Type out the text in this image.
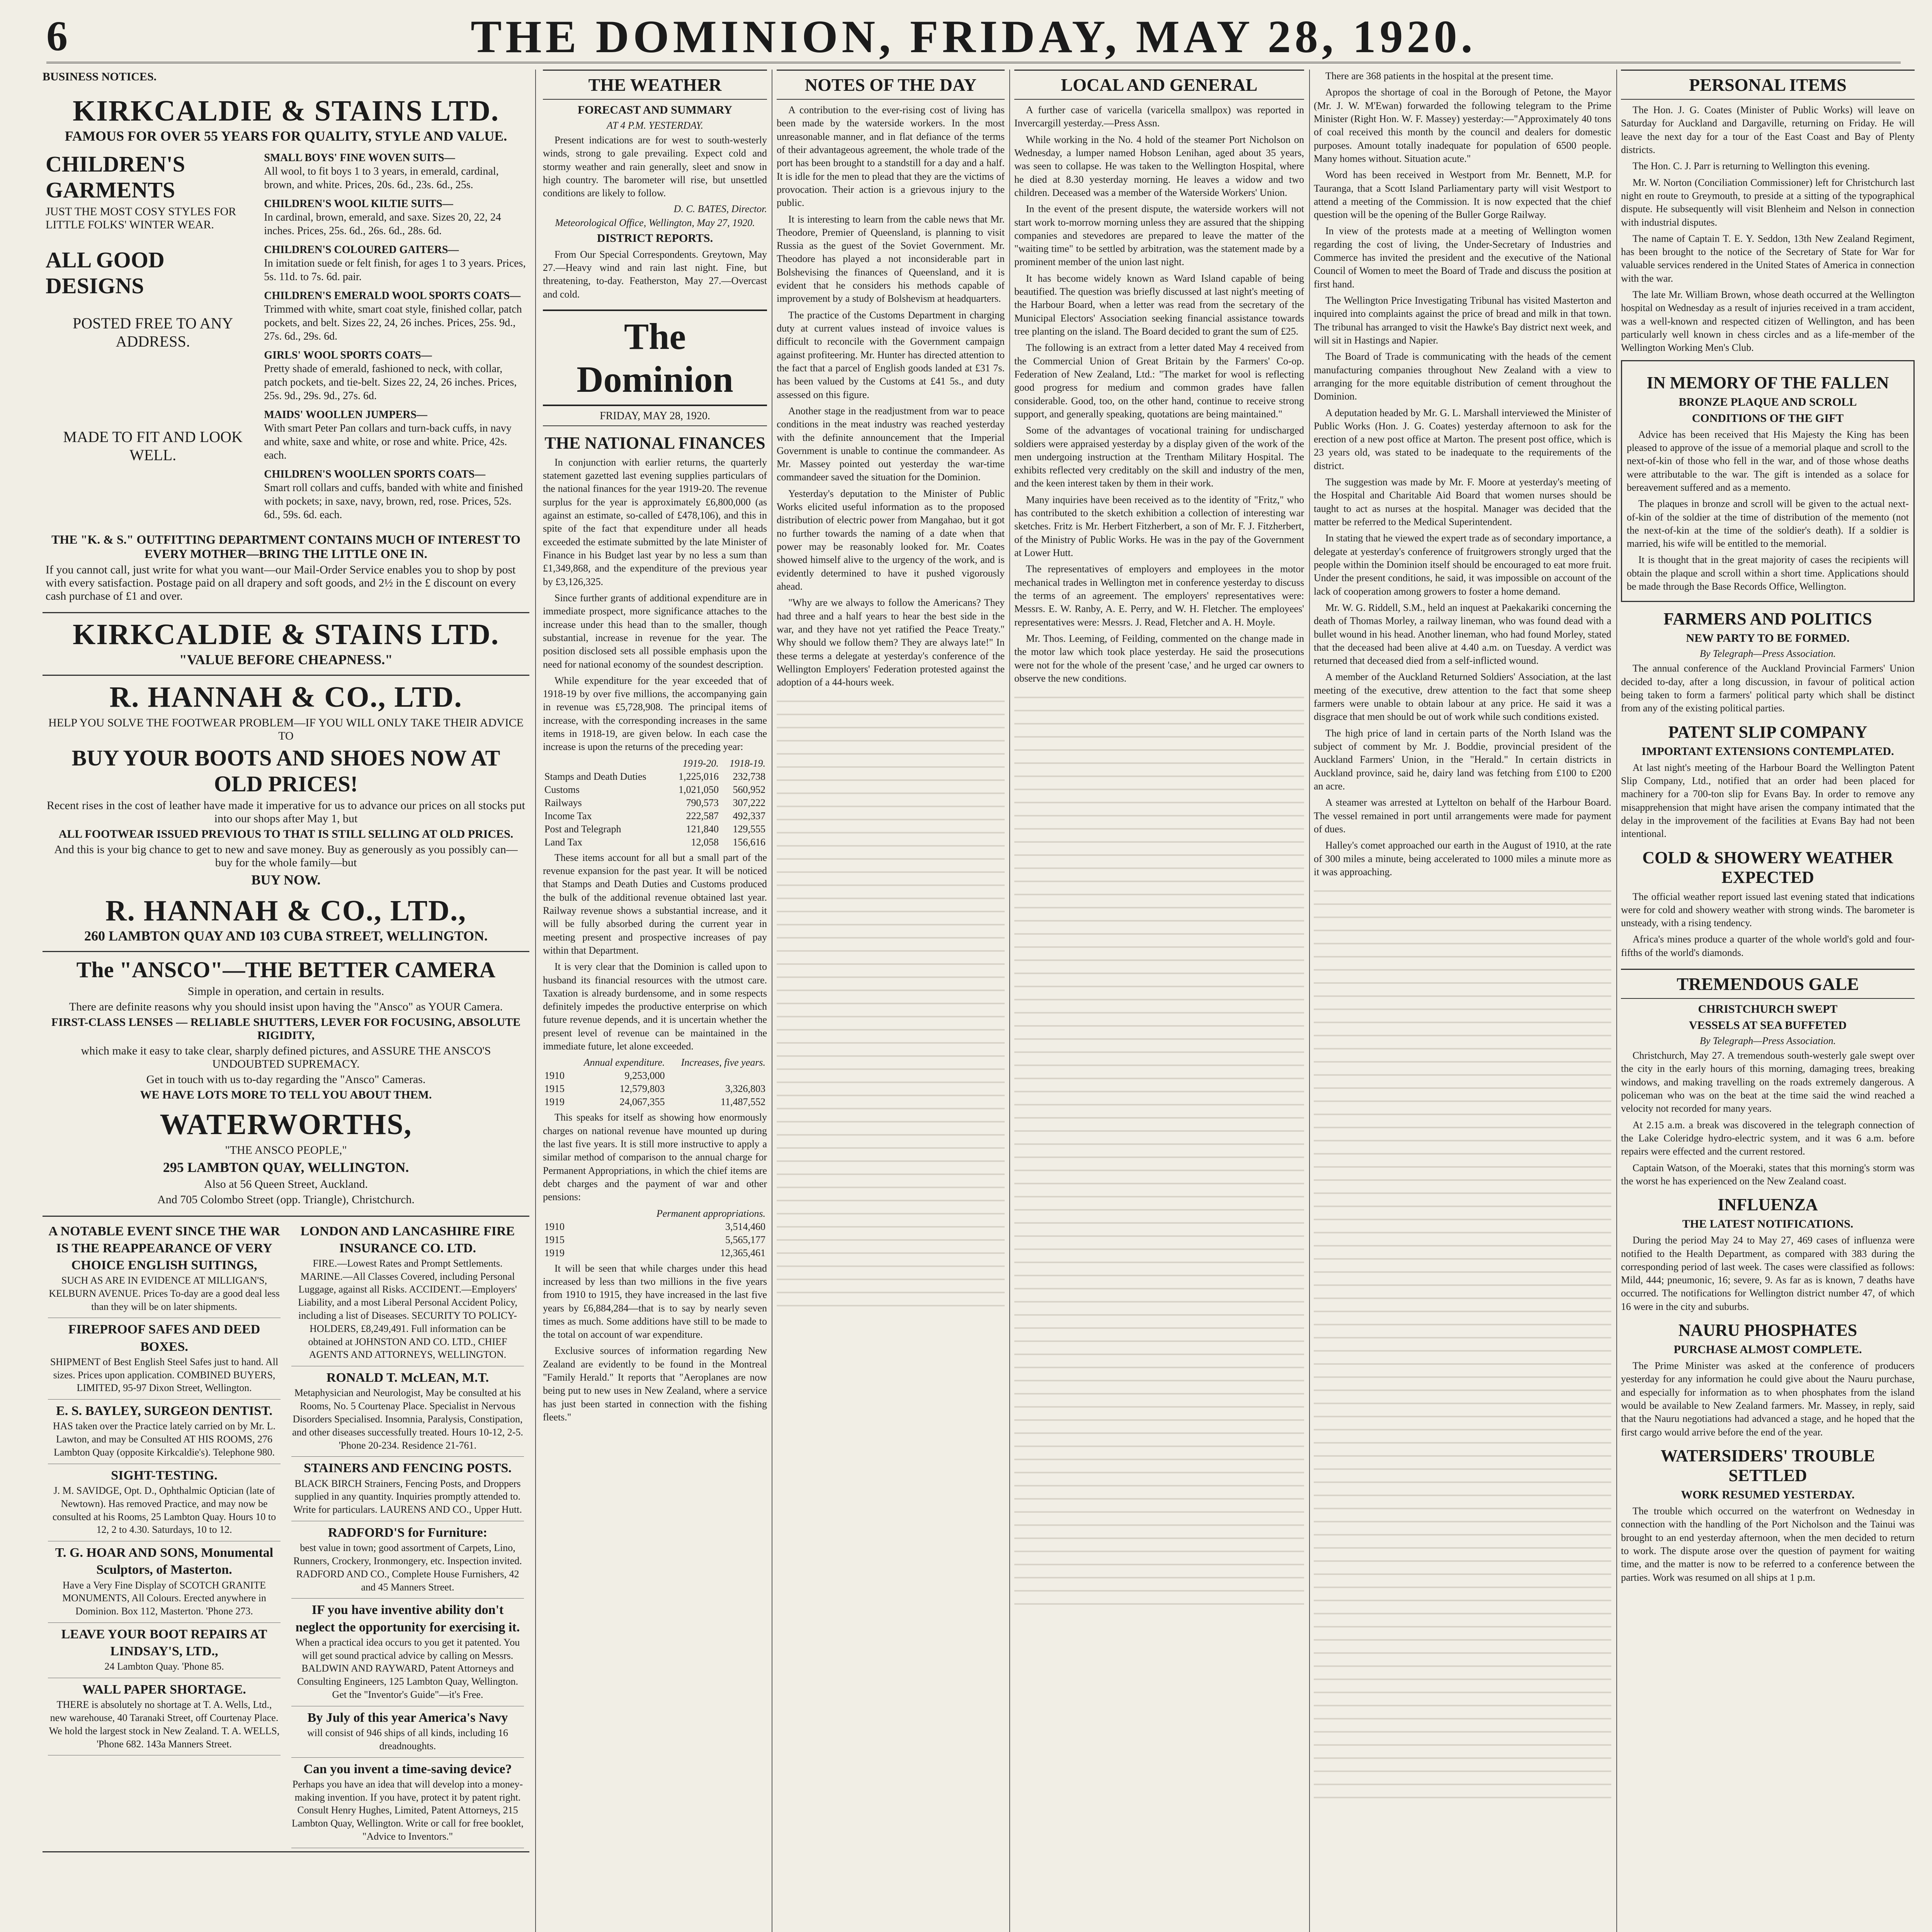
6	THE DOMINION, FRIDAY, MAY 28, 1920.
BUSINESS NOTICES.
KIRKCALDIE & STAINS LTD.
FAMOUS FOR OVER 55 YEARS FOR QUALITY, STYLE AND VALUE.
CHILDREN'S GARMENTS
JUST THE MOST COSY STYLES FOR LITTLE FOLKS' WINTER WEAR.
ALL GOOD DESIGNS
POSTED FREE TO ANY ADDRESS.
MADE TO FIT AND LOOK WELL.
SMALL BOYS' FINE WOVEN SUITS—
All wool, to fit boys 1 to 3 years, in emerald, cardinal, brown, and white. Prices, 20s. 6d., 23s. 6d., 25s.
CHILDREN'S WOOL KILTIE SUITS—
In cardinal, brown, emerald, and saxe. Sizes 20, 22, 24 inches. Prices, 25s. 6d., 26s. 6d., 28s. 6d.
CHILDREN'S COLOURED GAITERS—
In imitation suede or felt finish, for ages 1 to 3 years. Prices, 5s. 11d. to 7s. 6d. pair.
CHILDREN'S EMERALD WOOL SPORTS COATS—
Trimmed with white, smart coat style, finished collar, patch pockets, and belt. Sizes 22, 24, 26 inches. Prices, 25s. 9d., 27s. 6d., 29s. 6d.
GIRLS' WOOL SPORTS COATS—
Pretty shade of emerald, fashioned to neck, with collar, patch pockets, and tie-belt. Sizes 22, 24, 26 inches. Prices, 25s. 9d., 29s. 9d., 27s. 6d.
MAIDS' WOOLLEN JUMPERS—
With smart Peter Pan collars and turn-back cuffs, in navy and white, saxe and white, or rose and white. Price, 42s. each.
CHILDREN'S WOOLLEN SPORTS COATS—
Smart roll collars and cuffs, banded with white and finished with pockets; in saxe, navy, brown, red, rose. Prices, 52s. 6d., 59s. 6d. each.
THE "K. & S." OUTFITTING DEPARTMENT CONTAINS MUCH OF INTEREST TO EVERY MOTHER—BRING THE LITTLE ONE IN.
If you cannot call, just write for what you want—our Mail-Order Service enables you to shop by post with every satisfaction. Postage paid on all drapery and soft goods, and 2½ in the £ discount on every cash purchase of £1 and over.
KIRKCALDIE & STAINS LTD.
"VALUE BEFORE CHEAPNESS."
R. HANNAH & CO., LTD.
HELP YOU SOLVE THE FOOTWEAR PROBLEM—IF YOU WILL ONLY TAKE THEIR ADVICE TO
BUY YOUR BOOTS AND SHOES NOW AT OLD PRICES!
Recent rises in the cost of leather have made it imperative for us to advance our prices on all stocks put into our shops after May 1, but
ALL FOOTWEAR ISSUED PREVIOUS TO THAT IS STILL SELLING AT OLD PRICES.
And this is your big chance to get to new and save money. Buy as generously as you possibly can—buy for the whole family—but
BUY NOW.
R. HANNAH & CO., LTD.,
260 LAMBTON QUAY AND 103 CUBA STREET, WELLINGTON.
The "ANSCO"—THE BETTER CAMERA
Simple in operation, and certain in results.
There are definite reasons why you should insist upon having the "Ansco" as YOUR Camera.
FIRST-CLASS LENSES — RELIABLE SHUTTERS, LEVER FOR FOCUSING, ABSOLUTE RIGIDITY,
which make it easy to take clear, sharply defined pictures, and ASSURE THE ANSCO'S UNDOUBTED SUPREMACY.
Get in touch with us to-day regarding the "Ansco" Cameras.
WE HAVE LOTS MORE TO TELL YOU ABOUT THEM.
WATERWORTHS,
"THE ANSCO PEOPLE,"
295 LAMBTON QUAY, WELLINGTON.
Also at 56 Queen Street, Auckland.
And 705 Colombo Street (opp. Triangle), Christchurch.
A NOTABLE EVENT SINCE THE WAR IS THE REAPPEARANCE OF VERY CHOICE ENGLISH SUITINGS,
SUCH AS ARE IN EVIDENCE AT MILLIGAN'S, KELBURN AVENUE. Prices To-day are a good deal less than they will be on later shipments.
FIREPROOF SAFES AND DEED BOXES.
SHIPMENT of Best English Steel Safes just to hand. All sizes. Prices upon application. COMBINED BUYERS, LIMITED, 95-97 Dixon Street, Wellington.
E. S. BAYLEY, SURGEON DENTIST.
HAS taken over the Practice lately carried on by Mr. L. Lawton, and may be Consulted AT HIS ROOMS, 276 Lambton Quay (opposite Kirkcaldie's). Telephone 980.
SIGHT-TESTING.
J. M. SAVIDGE, Opt. D., Ophthalmic Optician (late of Newtown). Has removed Practice, and may now be consulted at his Rooms, 25 Lambton Quay. Hours 10 to 12, 2 to 4.30. Saturdays, 10 to 12.
T. G. HOAR AND SONS, Monumental Sculptors, of Masterton.
Have a Very Fine Display of SCOTCH GRANITE MONUMENTS, All Colours. Erected anywhere in Dominion. Box 112, Masterton. 'Phone 273.
LEAVE YOUR BOOT REPAIRS AT LINDSAY'S, LTD.,
24 Lambton Quay. 'Phone 85.
WALL PAPER SHORTAGE.
THERE is absolutely no shortage at T. A. Wells, Ltd., new warehouse, 40 Taranaki Street, off Courtenay Place. We hold the largest stock in New Zealand. T. A. WELLS, 'Phone 682. 143a Manners Street.
LONDON AND LANCASHIRE FIRE INSURANCE CO. LTD.
FIRE.—Lowest Rates and Prompt Settlements. MARINE.—All Classes Covered, including Personal Luggage, against all Risks. ACCIDENT.—Employers' Liability, and a most Liberal Personal Accident Policy, including a list of Diseases. SECURITY TO POLICY-HOLDERS, £8,249,491. Full information can be obtained at JOHNSTON AND CO. LTD., CHIEF AGENTS AND ATTORNEYS, WELLINGTON.
RONALD T. McLEAN, M.T.
Metaphysician and Neurologist, May be consulted at his Rooms, No. 5 Courtenay Place. Specialist in Nervous Disorders Specialised. Insomnia, Paralysis, Constipation, and other diseases successfully treated. Hours 10-12, 2-5. 'Phone 20-234. Residence 21-761.
STAINERS AND FENCING POSTS.
BLACK BIRCH Strainers, Fencing Posts, and Droppers supplied in any quantity. Inquiries promptly attended to. Write for particulars. LAURENS AND CO., Upper Hutt.
RADFORD'S for Furniture:
best value in town; good assortment of Carpets, Lino, Runners, Crockery, Ironmongery, etc. Inspection invited. RADFORD AND CO., Complete House Furnishers, 42 and 45 Manners Street.
IF you have inventive ability don't neglect the opportunity for exercising it.
When a practical idea occurs to you get it patented. You will get sound practical advice by calling on Messrs. BALDWIN AND RAYWARD, Patent Attorneys and Consulting Engineers, 125 Lambton Quay, Wellington. Get the "Inventor's Guide"—it's Free.
By July of this year America's Navy
will consist of 946 ships of all kinds, including 16 dreadnoughts.
Can you invent a time-saving device?
Perhaps you have an idea that will develop into a money-making invention. If you have, protect it by patent right. Consult Henry Hughes, Limited, Patent Attorneys, 215 Lambton Quay, Wellington. Write or call for free booklet, "Advice to Inventors."
THE WEATHER
FORECAST AND SUMMARY
AT 4 P.M. YESTERDAY.

Present indications are for west to south-westerly winds, strong to gale prevailing. Expect cold and stormy weather and rain generally, sleet and snow in high country. The barometer will rise, but unsettled conditions are likely to follow.

D. C. BATES, Director.
Meteorological Office, Wellington, May 27, 1920.
DISTRICT REPORTS.

From Our Special Correspondents. Greytown, May 27.—Heavy wind and rain last night. Fine, but threatening, to-day. Featherston, May 27.—Overcast and cold.

The Dominion
FRIDAY, MAY 28, 1920.
THE NATIONAL FINANCES

In conjunction with earlier returns, the quarterly statement gazetted last evening supplies particulars of the national finances for the year 1919-20. The revenue surplus for the year is approximately £6,800,000 (as against an estimate, so-called of £478,106), and this in spite of the fact that expenditure under all heads exceeded the estimate submitted by the late Minister of Finance in his Budget last year by no less a sum than £1,349,868, and the expenditure of the previous year by £3,126,325.

Since further grants of additional expenditure are in immediate prospect, more significance attaches to the increase under this head than to the smaller, though substantial, increase in revenue for the year. The position disclosed sets all possible emphasis upon the need for national economy of the soundest description.

While expenditure for the year exceeded that of 1918-19 by over five millions, the accompanying gain in revenue was £5,728,908. The principal items of increase, with the corresponding increases in the same items in 1918-19, are given below. In each case the increase is upon the returns of the preceding year:

	1919-20.	1918-19.
Stamps and Death Duties	1,225,016	232,738
Customs	1,021,050	560,952
Railways	790,573	307,222
Income Tax	222,587	492,337
Post and Telegraph	121,840	129,555
Land Tax	12,058	156,616

These items account for all but a small part of the revenue expansion for the past year. It will be noticed that Stamps and Death Duties and Customs produced the bulk of the additional revenue obtained last year. Railway revenue shows a substantial increase, and it will be fully absorbed during the current year in meeting present and prospective increases of pay within that Department.

It is very clear that the Dominion is called upon to husband its financial resources with the utmost care. Taxation is already burdensome, and in some respects definitely impedes the productive enterprise on which future revenue depends, and it is uncertain whether the present level of revenue can be maintained in the immediate future, let alone exceeded.

	Annual expenditure.	Increases, five years.
1910	9,253,000	
1915	12,579,803	3,326,803
1919	24,067,355	11,487,552

This speaks for itself as showing how enormously charges on national revenue have mounted up during the last five years. It is still more instructive to apply a similar method of comparison to the annual charge for Permanent Appropriations, in which the chief items are debt charges and the payment of war and other pensions:

	Permanent appropriations.
1910	3,514,460
1915	5,565,177
1919	12,365,461

It will be seen that while charges under this head increased by less than two millions in the five years from 1910 to 1915, they have increased in the last five years by £6,884,284—that is to say by nearly seven times as much. Some additions have still to be made to the total on account of war expenditure.

Exclusive sources of information regarding New Zealand are evidently to be found in the Montreal "Family Herald." It reports that "Aeroplanes are now being put to new uses in New Zealand, where a service has just been started in connection with the fishing fleets."

NOTES OF THE DAY

A contribution to the ever-rising cost of living has been made by the waterside workers. In the most unreasonable manner, and in flat defiance of the terms of their advantageous agreement, the whole trade of the port has been brought to a standstill for a day and a half. It is idle for the men to plead that they are the victims of provocation. Their action is a grievous injury to the public.

It is interesting to learn from the cable news that Mr. Theodore, Premier of Queensland, is planning to visit Russia as the guest of the Soviet Government. Mr. Theodore has played a not inconsiderable part in Bolshevising the finances of Queensland, and it is evident that he considers his methods capable of improvement by a study of Bolshevism at headquarters.

The practice of the Customs Department in charging duty at current values instead of invoice values is difficult to reconcile with the Government campaign against profiteering. Mr. Hunter has directed attention to the fact that a parcel of English goods landed at £31 7s. has been valued by the Customs at £41 5s., and duty assessed on this figure.

Another stage in the readjustment from war to peace conditions in the meat industry was reached yesterday with the definite announcement that the Imperial Government is unable to continue the commandeer. As Mr. Massey pointed out yesterday the war-time commandeer saved the situation for the Dominion.

Yesterday's deputation to the Minister of Public Works elicited useful information as to the proposed distribution of electric power from Mangahao, but it got no further towards the naming of a date when that power may be reasonably looked for. Mr. Coates showed himself alive to the urgency of the work, and is evidently determined to have it pushed vigorously ahead.

"Why are we always to follow the Americans? They had three and a half years to hear the best side in the war, and they have not yet ratified the Peace Treaty." Why should we follow them? They are always late!" In these terms a delegate at yesterday's conference of the Wellington Employers' Federation protested against the adoption of a 44-hours week.

LOCAL AND GENERAL

A further case of varicella (varicella smallpox) was reported in Invercargill yesterday.—Press Assn.

While working in the No. 4 hold of the steamer Port Nicholson on Wednesday, a lumper named Hobson Lenihan, aged about 35 years, was seen to collapse. He was taken to the Wellington Hospital, where he died at 8.30 yesterday morning. He leaves a widow and two children. Deceased was a member of the Waterside Workers' Union.

In the event of the present dispute, the waterside workers will not start work to-morrow morning unless they are assured that the shipping companies and stevedores are prepared to leave the matter of the "waiting time" to be settled by arbitration, was the statement made by a prominent member of the union last night.

It has become widely known as Ward Island capable of being beautified. The question was briefly discussed at last night's meeting of the Harbour Board, when a letter was read from the secretary of the Municipal Electors' Association seeking financial assistance towards tree planting on the island. The Board decided to grant the sum of £25.

The following is an extract from a letter dated May 4 received from the Commercial Union of Great Britain by the Farmers' Co-op. Federation of New Zealand, Ltd.: "The market for wool is reflecting good progress for medium and common grades have fallen considerable. Good, too, on the other hand, continue to receive strong support, and generally speaking, quotations are being maintained."

Some of the advantages of vocational training for undischarged soldiers were appraised yesterday by a display given of the work of the men undergoing instruction at the Trentham Military Hospital. The exhibits reflected very creditably on the skill and industry of the men, and the keen interest taken by them in their work.

Many inquiries have been received as to the identity of "Fritz," who has contributed to the sketch exhibition a collection of interesting war sketches. Fritz is Mr. Herbert Fitzherbert, a son of Mr. F. J. Fitzherbert, of the Ministry of Public Works. He was in the pay of the Government at Lower Hutt.

The representatives of employers and employees in the motor mechanical trades in Wellington met in conference yesterday to discuss the terms of an agreement. The employers' representatives were: Messrs. E. W. Ranby, A. E. Perry, and W. H. Fletcher. The employees' representatives were: Messrs. J. Read, Fletcher and A. H. Moyle.

Mr. Thos. Leeming, of Feilding, commented on the change made in the motor law which took place yesterday. He said the prosecutions were not for the whole of the present 'case,' and he urged car owners to observe the new conditions.

There are 368 patients in the hospital at the present time.

Apropos the shortage of coal in the Borough of Petone, the Mayor (Mr. J. W. M'Ewan) forwarded the following telegram to the Prime Minister (Right Hon. W. F. Massey) yesterday:—"Approximately 40 tons of coal received this month by the council and dealers for domestic purposes. Amount totally inadequate for population of 6500 people. Many homes without. Situation acute."

Word has been received in Westport from Mr. Bennett, M.P. for Tauranga, that a Scott Island Parliamentary party will visit Westport to attend a meeting of the Commission. It is now expected that the chief question will be the opening of the Buller Gorge Railway.

In view of the protests made at a meeting of Wellington women regarding the cost of living, the Under-Secretary of Industries and Commerce has invited the president and the executive of the National Council of Women to meet the Board of Trade and discuss the position at first hand.

The Wellington Price Investigating Tribunal has visited Masterton and inquired into complaints against the price of bread and milk in that town. The tribunal has arranged to visit the Hawke's Bay district next week, and will sit in Hastings and Napier.

The Board of Trade is communicating with the heads of the cement manufacturing companies throughout New Zealand with a view to arranging for the more equitable distribution of cement throughout the Dominion.

A deputation headed by Mr. G. L. Marshall interviewed the Minister of Public Works (Hon. J. G. Coates) yesterday afternoon to ask for the erection of a new post office at Marton. The present post office, which is 23 years old, was stated to be inadequate to the requirements of the district.

The suggestion was made by Mr. F. Moore at yesterday's meeting of the Hospital and Charitable Aid Board that women nurses should be taught to act as nurses at the hospital. Manager was decided that the matter be referred to the Medical Superintendent.

In stating that he viewed the expert trade as of secondary importance, a delegate at yesterday's conference of fruitgrowers strongly urged that the people within the Dominion itself should be encouraged to eat more fruit. Under the present conditions, he said, it was impossible on account of the lack of cooperation among growers to foster a home demand.

Mr. W. G. Riddell, S.M., held an inquest at Paekakariki concerning the death of Thomas Morley, a railway lineman, who was found dead with a bullet wound in his head. Another lineman, who had found Morley, stated that the deceased had been alive at 4.40 a.m. on Tuesday. A verdict was returned that deceased died from a self-inflicted wound.

A member of the Auckland Returned Soldiers' Association, at the last meeting of the executive, drew attention to the fact that some sheep farmers were unable to obtain labour at any price. He said it was a disgrace that men should be out of work while such conditions existed.

The high price of land in certain parts of the North Island was the subject of comment by Mr. J. Boddie, provincial president of the Auckland Farmers' Union, in the "Herald." In certain districts in Auckland province, said he, dairy land was fetching from £100 to £200 an acre.

A steamer was arrested at Lyttelton on behalf of the Harbour Board. The vessel remained in port until arrangements were made for payment of dues.

Halley's comet approached our earth in the August of 1910, at the rate of 300 miles a minute, being accelerated to 1000 miles a minute more as it was approaching.

PERSONAL ITEMS

The Hon. J. G. Coates (Minister of Public Works) will leave on Saturday for Auckland and Dargaville, returning on Friday. He will leave the next day for a tour of the East Coast and Bay of Plenty districts.

The Hon. C. J. Parr is returning to Wellington this evening.

Mr. W. Norton (Conciliation Commissioner) left for Christchurch last night en route to Greymouth, to preside at a sitting of the typographical dispute. He subsequently will visit Blenheim and Nelson in connection with industrial disputes.

The name of Captain T. E. Y. Seddon, 13th New Zealand Regiment, has been brought to the notice of the Secretary of State for War for valuable services rendered in the United States of America in connection with the war.

The late Mr. William Brown, whose death occurred at the Wellington hospital on Wednesday as a result of injuries received in a tram accident, was a well-known and respected citizen of Wellington, and has been particularly well known in chess circles and as a life-member of the Wellington Working Men's Club.

IN MEMORY OF THE FALLEN
BRONZE PLAQUE AND SCROLL
CONDITIONS OF THE GIFT

Advice has been received that His Majesty the King has been pleased to approve of the issue of a memorial plaque and scroll to the next-of-kin of those who fell in the war, and of those whose deaths were attributable to the war. The gift is intended as a solace for bereavement suffered and as a memento.

The plaques in bronze and scroll will be given to the actual next-of-kin of the soldier at the time of distribution of the memento (not the next-of-kin at the time of the soldier's death). If a soldier is married, his wife will be entitled to the memorial.

It is thought that in the great majority of cases the recipients will obtain the plaque and scroll within a short time. Applications should be made through the Base Records Office, Wellington.

FARMERS AND POLITICS
NEW PARTY TO BE FORMED.
By Telegraph—Press Association.

The annual conference of the Auckland Provincial Farmers' Union decided to-day, after a long discussion, in favour of political action being taken to form a farmers' political party which shall be distinct from any of the existing political parties.

PATENT SLIP COMPANY
IMPORTANT EXTENSIONS CONTEMPLATED.

At last night's meeting of the Harbour Board the Wellington Patent Slip Company, Ltd., notified that an order had been placed for machinery for a 700-ton slip for Evans Bay. In order to remove any misapprehension that might have arisen the company intimated that the delay in the improvement of the facilities at Evans Bay had not been intentional.

COLD & SHOWERY WEATHER EXPECTED

The official weather report issued last evening stated that indications were for cold and showery weather with strong winds. The barometer is unsteady, with a rising tendency.

Africa's mines produce a quarter of the whole world's gold and four-fifths of the world's diamonds.

TREMENDOUS GALE
CHRISTCHURCH SWEPT
VESSELS AT SEA BUFFETED
By Telegraph—Press Association.

Christchurch, May 27. A tremendous south-westerly gale swept over the city in the early hours of this morning, damaging trees, breaking windows, and making travelling on the roads extremely dangerous. A policeman who was on the beat at the time said the wind reached a velocity not recorded for many years.

At 2.15 a.m. a break was discovered in the telegraph connection of the Lake Coleridge hydro-electric system, and it was 6 a.m. before repairs were effected and the current restored.

Captain Watson, of the Moeraki, states that this morning's storm was the worst he has experienced on the New Zealand coast.

INFLUENZA
THE LATEST NOTIFICATIONS.

During the period May 24 to May 27, 469 cases of influenza were notified to the Health Department, as compared with 383 during the corresponding period of last week. The cases were classified as follows: Mild, 444; pneumonic, 16; severe, 9. As far as is known, 7 deaths have occurred. The notifications for Wellington district number 47, of which 16 were in the city and suburbs.

NAURU PHOSPHATES
PURCHASE ALMOST COMPLETE.

The Prime Minister was asked at the conference of producers yesterday for any information he could give about the Nauru purchase, and especially for information as to when phosphates from the island would be available to New Zealand farmers. Mr. Massey, in reply, said that the Nauru negotiations had advanced a stage, and he hoped that the first cargo would arrive before the end of the year.

WATERSIDERS' TROUBLE SETTLED
WORK RESUMED YESTERDAY.

The trouble which occurred on the waterfront on Wednesday in connection with the handling of the Port Nicholson and the Tainui was brought to an end yesterday afternoon, when the men decided to return to work. The dispute arose over the question of payment for waiting time, and the matter is now to be referred to a conference between the parties. Work was resumed on all ships at 1 p.m.
